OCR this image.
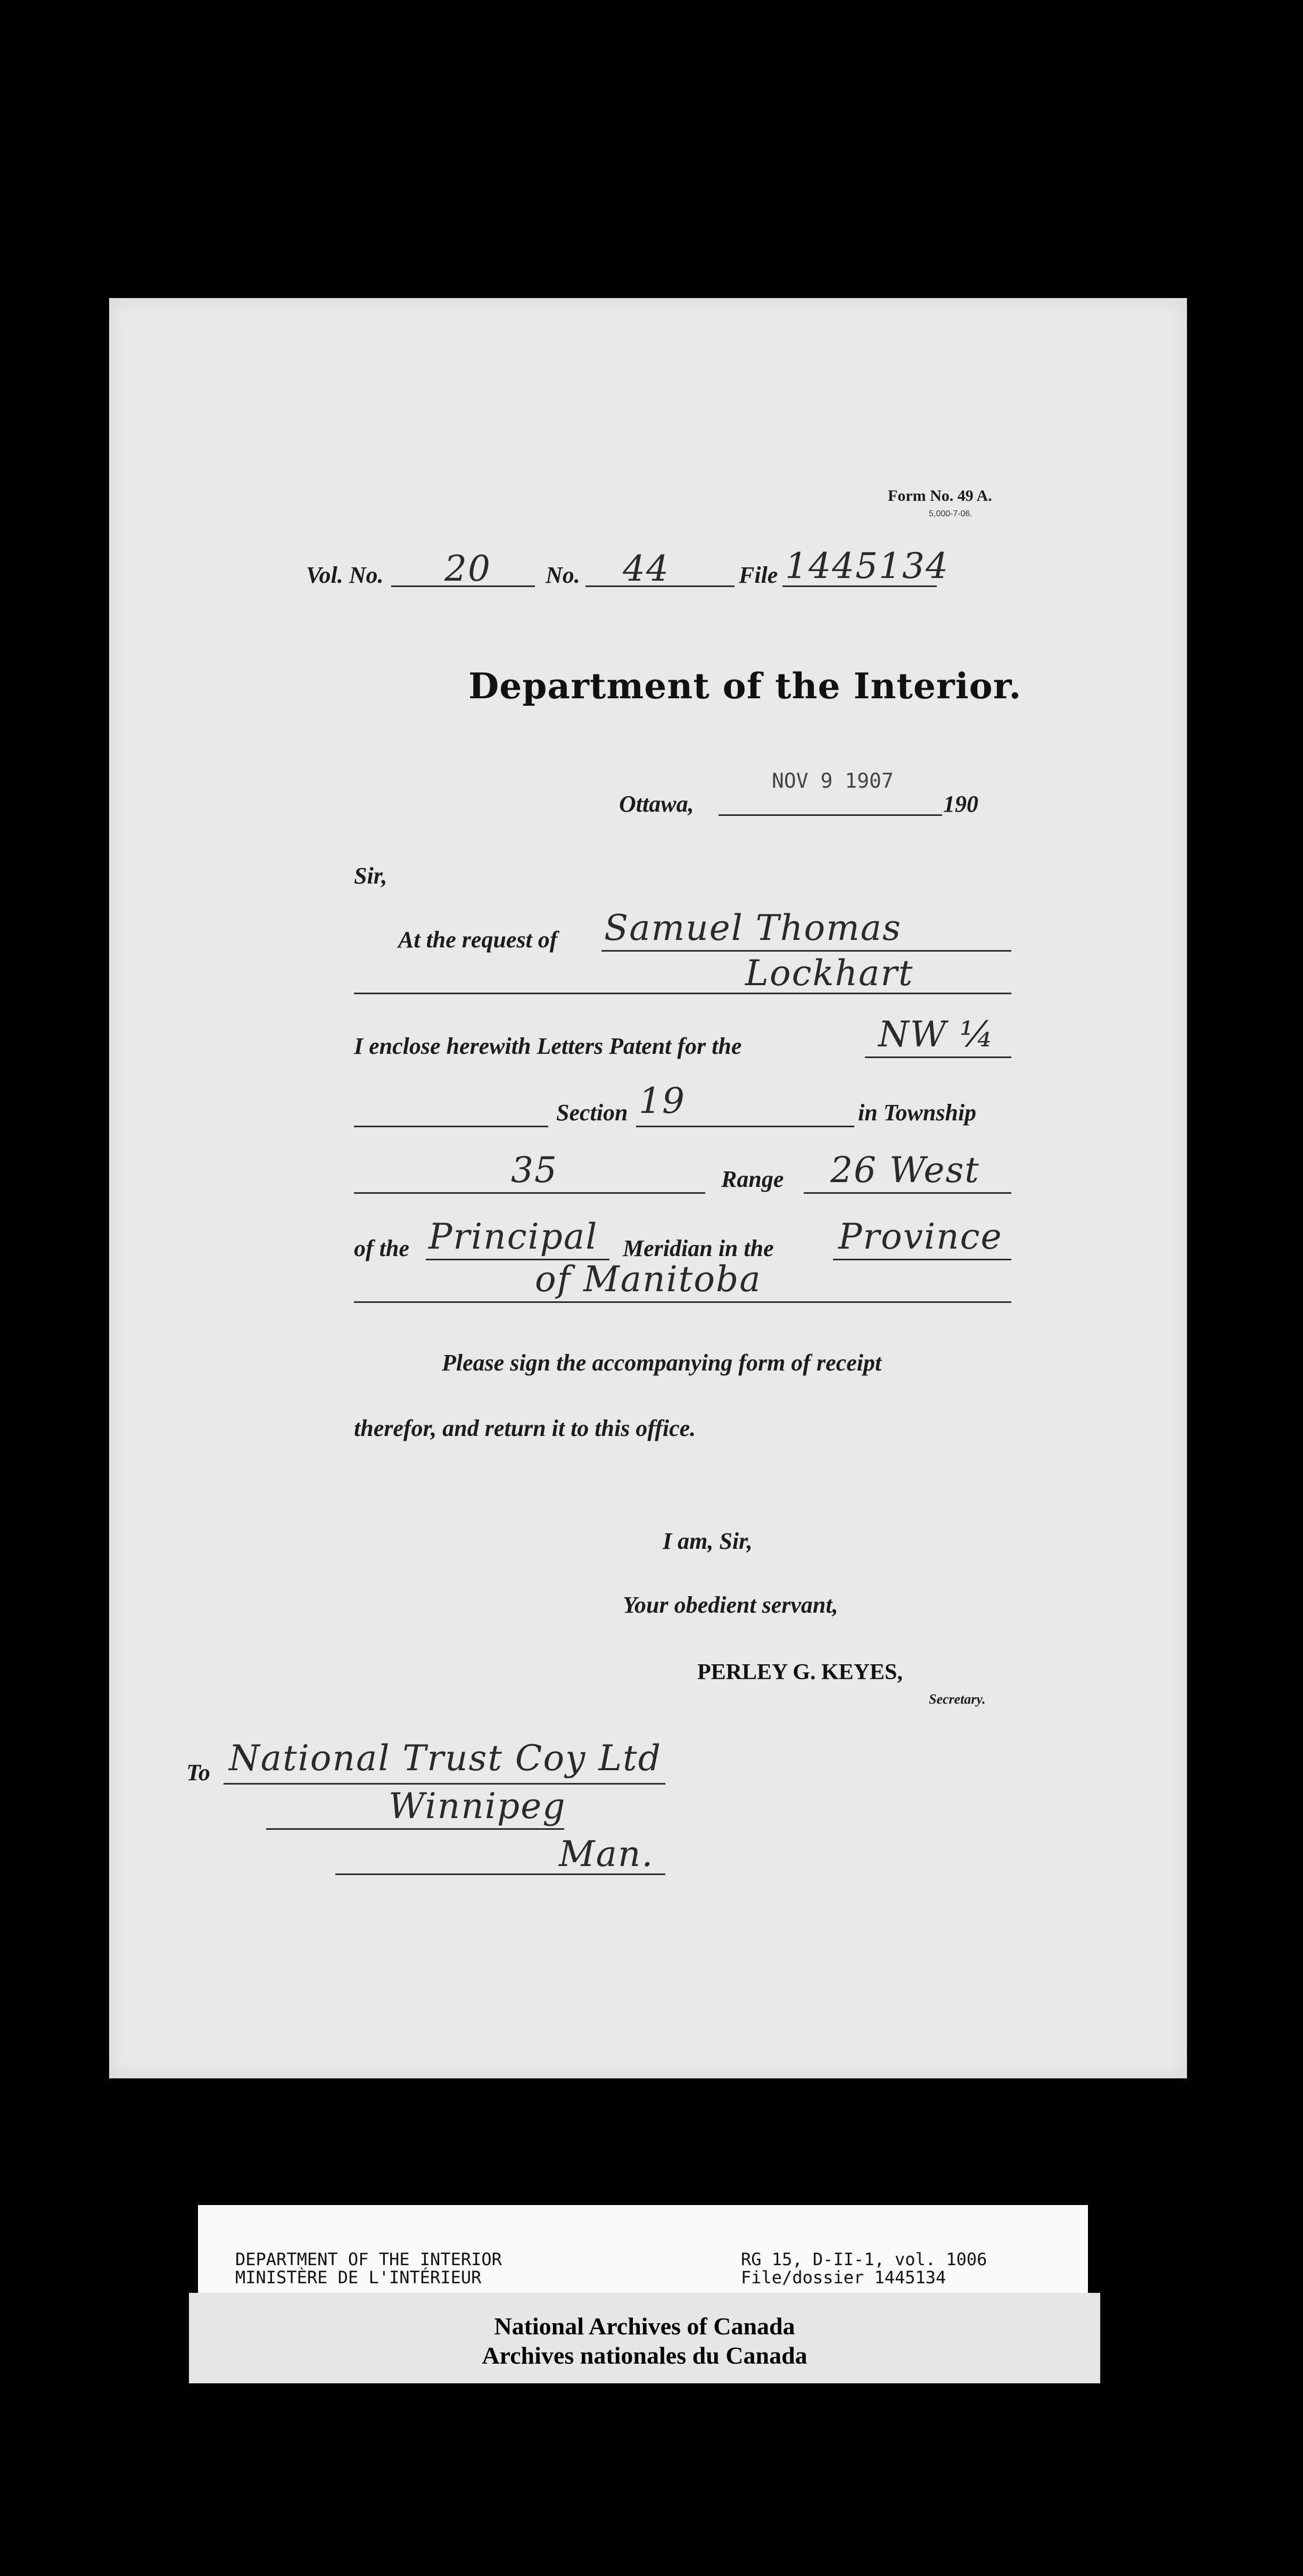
Form No. 49 A.
5,000-7-06.
Vol. No. 20 No. 44	File 1445134
Department of the Interior.
Ottawa,
NOV 9 1907
190
Sir,
At the request of Samuel Thomas
Lockhart
I enclose herewith Letters Patent for the	NW ¼
Section 19	in Township
35	Range 26 West
of the Principal Meridian in the Province
of Manitoba
Please sign the accompanying form of receipt
therefor, and return it to this office.
I am, Sir,
Your obedient servant,
PERLEY G. KEYES,
Secretary.
To National Trust Coy Ltd
Winnipeg
Man.
DEPARTMENT OF THE INTERIOR
MINISTÈRE DE L'INTÉRIEUR
RG 15, D-II-1, vol. 1006
File/dossier 1445134
National Archives of Canada
Archives nationales du Canada
